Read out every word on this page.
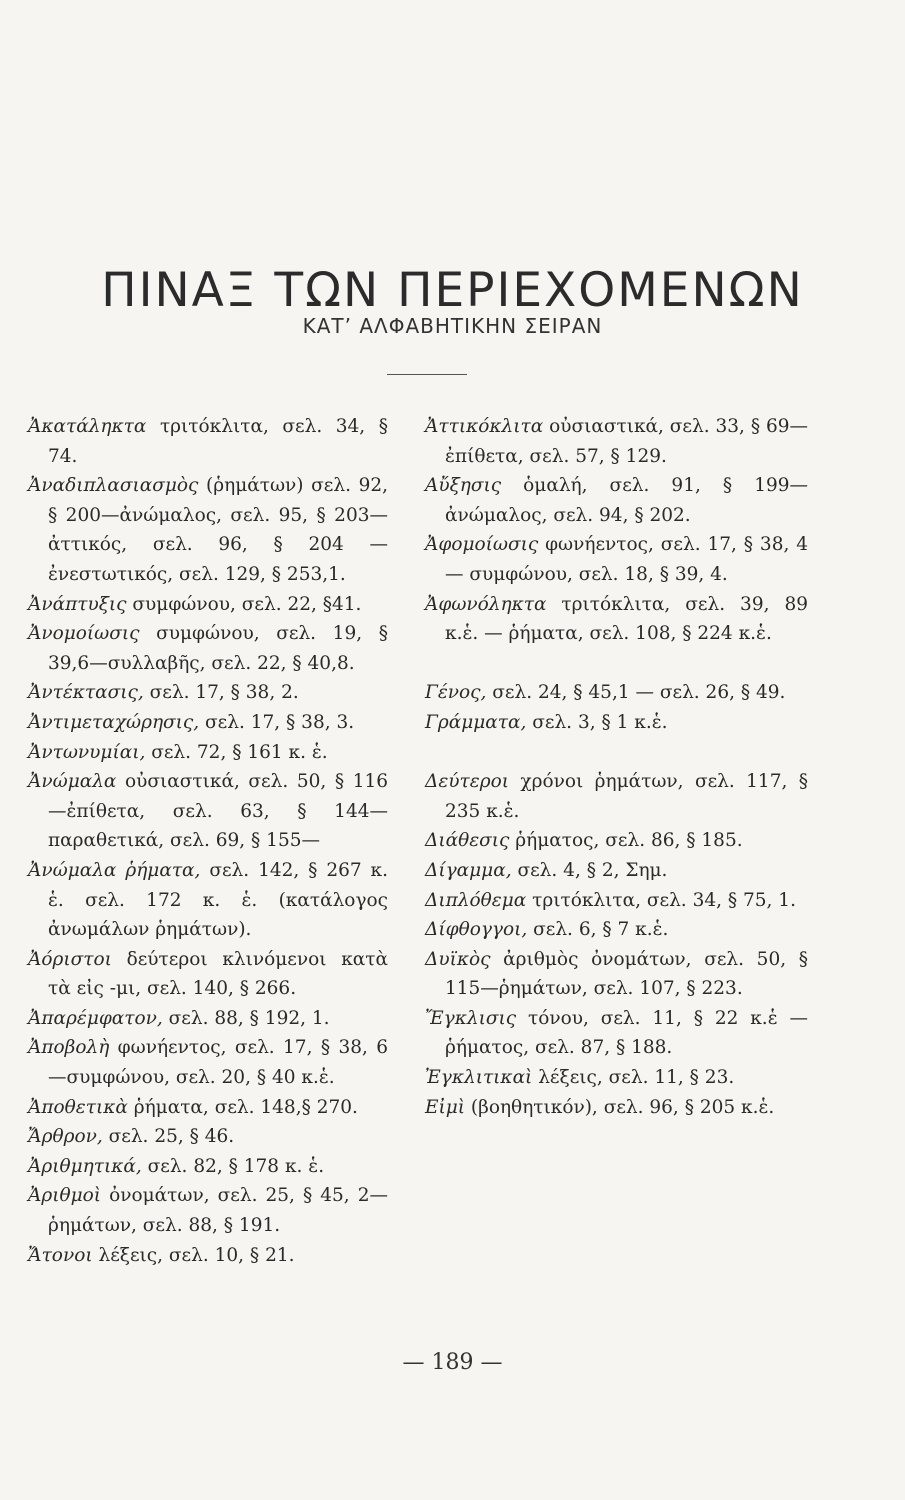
ΠΙΝΑΞ ΤΩΝ ΠΕΡΙΕΧΟΜΕΝΩΝ
ΚΑΤ’ ΑΛΦΑΒΗΤΙΚΗΝ ΣΕΙΡΑΝ

Ἀκατάληκτα τριτόκλιτα, σελ. 34, § 74.

Ἀναδιπλασιασμὸς (ῥημάτων) σελ. 92, § 200—ἀνώμαλος, σελ. 95, § 203—ἀττικός, σελ. 96, § 204 —ἐνεστωτικός, σελ. 129, § 253,1.

Ἀνάπτυξις συμφώνου, σελ. 22, §41.

Ἀνομοίωσις συμφώνου, σελ. 19, § 39,6—συλλαβῆς, σελ. 22, § 40,8.

Ἀντέκτασις, σελ. 17, § 38, 2.

Ἀντιμεταχώρησις, σελ. 17, § 38, 3.

Ἀντωνυμίαι, σελ. 72, § 161 κ. ἑ.

Ἀνώμαλα οὐσιαστικά, σελ. 50, § 116—ἐπίθετα, σελ. 63, § 144—παραθετικά, σελ. 69, § 155—

Ἀνώμαλα ῥήματα, σελ. 142, § 267 κ. ἑ. σελ. 172 κ. ἑ. (κατάλογος ἀνωμάλων ῥημάτων).

Ἀόριστοι δεύτεροι κλινόμενοι κατὰ τὰ εἰς -μι, σελ. 140, § 266.

Ἀπαρέμφατον, σελ. 88, § 192, 1.

Ἀποβολὴ φωνήεντος, σελ. 17, § 38, 6—συμφώνου, σελ. 20, § 40 κ.ἑ.

Ἀποθετικὰ ῥήματα, σελ. 148,§ 270.

Ἄρθρον, σελ. 25, § 46.

Ἀριθμητικά, σελ. 82, § 178 κ. ἑ.

Ἀριθμοὶ ὀνομάτων, σελ. 25, § 45, 2—ῥημάτων, σελ. 88, § 191.

Ἄτονοι λέξεις, σελ. 10, § 21.

Ἀττικόκλιτα οὐσιαστικά, σελ. 33, § 69—ἐπίθετα, σελ. 57, § 129.

Αὔξησις ὁμαλή, σελ. 91, § 199—ἀνώμαλος, σελ. 94, § 202.

Ἀφομοίωσις φωνήεντος, σελ. 17, § 38, 4 — συμφώνου, σελ. 18, § 39, 4.

Ἀφωνόληκτα τριτόκλιτα, σελ. 39, 89 κ.ἑ. — ῥήματα, σελ. 108, § 224 κ.ἑ.

Γένος, σελ. 24, § 45,1 — σελ. 26, § 49.

Γράμματα, σελ. 3, § 1 κ.ἑ.

Δεύτεροι χρόνοι ῥημάτων, σελ. 117, § 235 κ.ἑ.

Διάθεσις ῥήματος, σελ. 86, § 185.

Δίγαμμα, σελ. 4, § 2, Σημ.

Διπλόθεμα τριτόκλιτα, σελ. 34, § 75, 1.

Δίφθογγοι, σελ. 6, § 7 κ.ἑ.

Δυϊκὸς ἀριθμὸς ὀνομάτων, σελ. 50, § 115—ῥημάτων, σελ. 107, § 223.

Ἔγκλισις τόνου, σελ. 11, § 22 κ.ἑ —ῥήματος, σελ. 87, § 188.

Ἐγκλιτικαὶ λέξεις, σελ. 11, § 23.

Εἰμὶ (βοηθητικόν), σελ. 96, § 205 κ.ἑ.

— 189 —
